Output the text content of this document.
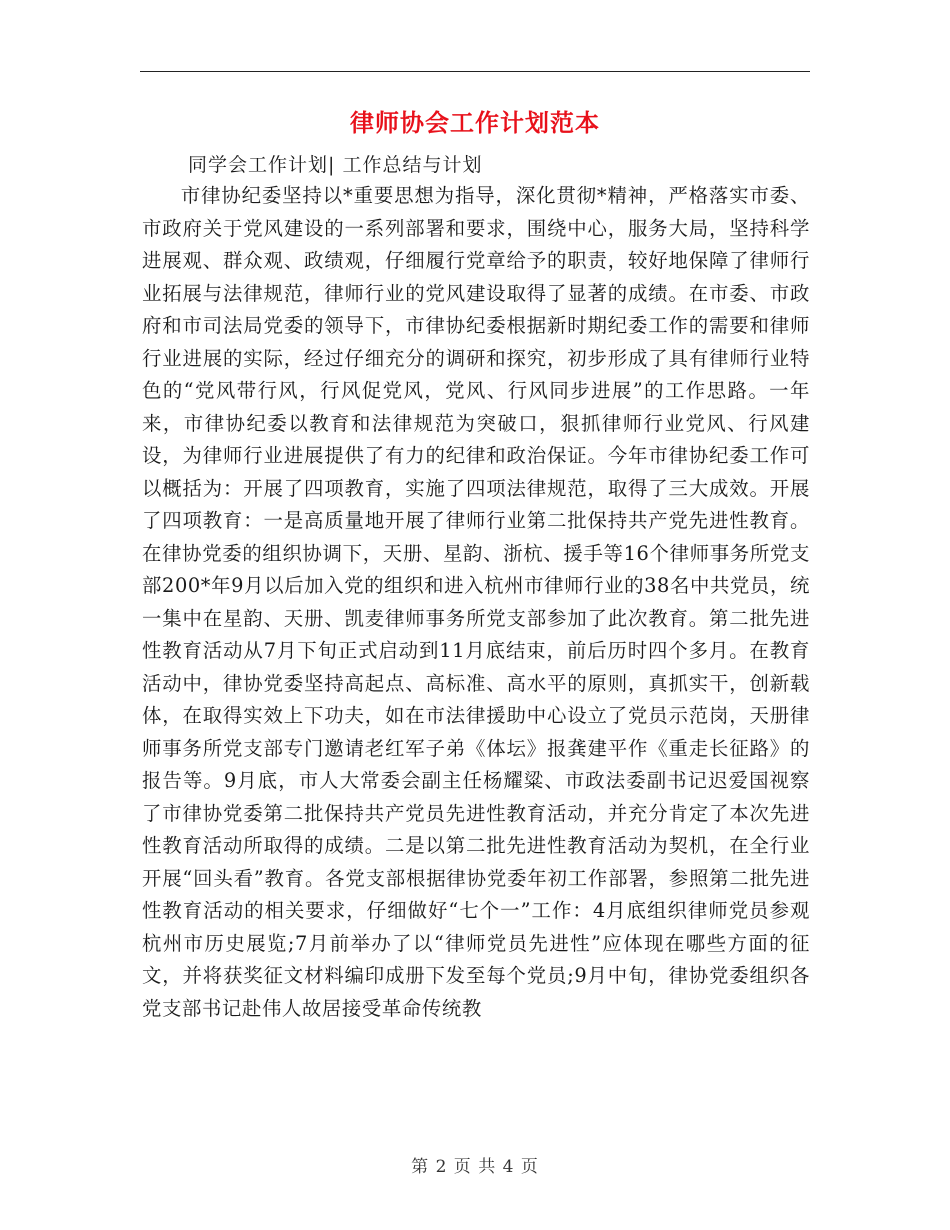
律师协会工作计划范本
同学会工作计划| 工作总结与计划
市律协纪委坚持以*重要思想为指导，深化贯彻*精神，严格落实市委、市政府关于党风建设的一系列部署和要求，围绕中心，服务大局，坚持科学进展观、群众观、政绩观，仔细履行党章给予的职责，较好地保障了律师行业拓展与法律规范，律师行业的党风建设取得了显著的成绩。在市委、市政府和市司法局党委的领导下，市律协纪委根据新时期纪委工作的需要和律师行业进展的实际，经过仔细充分的调研和探究，初步形成了具有律师行业特色的“党风带行风，行风促党风，党风、行风同步进展”的工作思路。一年来，市律协纪委以教育和法律规范为突破口，狠抓律师行业党风、行风建设，为律师行业进展提供了有力的纪律和政治保证。今年市律协纪委工作可以概括为：开展了四项教育，实施了四项法律规范，取得了三大成效。开展了四项教育：一是高质量地开展了律师行业第二批保持共产党先进性教育。在律协党委的组织协调下，天册、星韵、浙杭、援手等16个律师事务所党支部200*年9月以后加入党的组织和进入杭州市律师行业的38名中共党员，统一集中在星韵、天册、凯麦律师事务所党支部参加了此次教育。第二批先进性教育活动从7月下旬正式启动到11月底结束，前后历时四个多月。在教育活动中，律协党委坚持高起点、高标准、高水平的原则，真抓实干，创新载体，在取得实效上下功夫，如在市法律援助中心设立了党员示范岗，天册律师事务所党支部专门邀请老红军子弟《体坛》报龚建平作《重走长征路》的报告等。9月底，市人大常委会副主任杨耀粱、市政法委副书记迟爱国视察了市律协党委第二批保持共产党员先进性教育活动，并充分肯定了本次先进性教育活动所取得的成绩。二是以第二批先进性教育活动为契机，在全行业开展“回头看”教育。各党支部根据律协党委年初工作部署，参照第二批先进性教育活动的相关要求，仔细做好“七个一”工作：4月底组织律师党员参观杭州市历史展览;7月前举办了以“律师党员先进性”应体现在哪些方面的征文，并将获奖征文材料编印成册下发至每个党员;9月中旬，律协党委组织各党支部书记赴伟人故居接受革命传统教
第 2 页 共 4 页
